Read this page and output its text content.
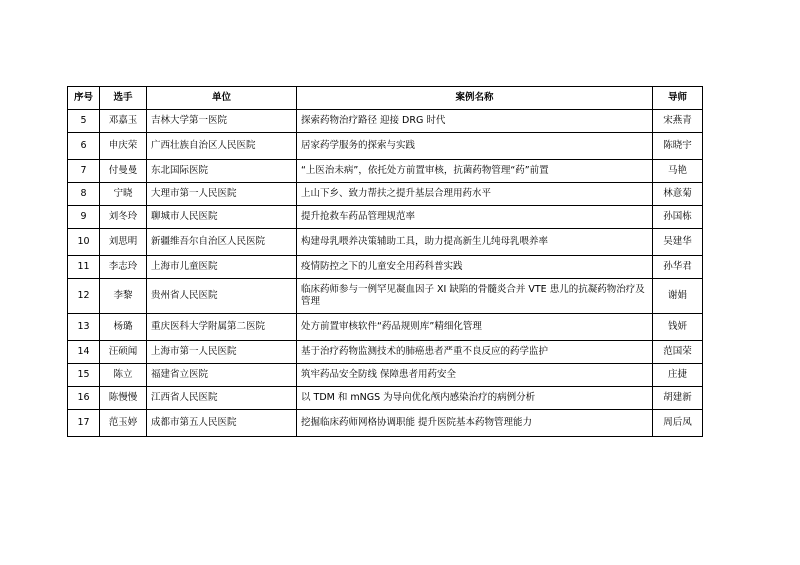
序号	选手	单位	案例名称	导师
5	邓嘉玉	吉林大学第一医院	探索药物治疗路径 迎接 DRG 时代	宋燕青
6	申庆荣	广西壮族自治区人民医院	居家药学服务的探索与实践	陈晓宇
7	付曼曼	东北国际医院	“上医治未病”，依托处方前置审核，抗菌药物管理“药”前置	马艳
8	宁晓	大理市第一人民医院	上山下乡、致力帮扶之提升基层合理用药水平	林意菊
9	刘冬玲	聊城市人民医院	提升抢救车药品管理规范率	孙国栋
10	刘思明	新疆维吾尔自治区人民医院	构建母乳喂养决策辅助工具，助力提高新生儿纯母乳喂养率	吴建华
11	李志玲	上海市儿童医院	疫情防控之下的儿童安全用药科普实践	孙华君
12	李黎	贵州省人民医院	临床药师参与一例罕见凝血因子 XI 缺陷的骨髓炎合并 VTE 患儿的抗凝药物治疗及管理	谢娟
13	杨璐	重庆医科大学附属第二医院	处方前置审核软件“药品规则库”精细化管理	钱妍
14	汪硕闻	上海市第一人民医院	基于治疗药物监测技术的肺癌患者严重不良反应的药学监护	范国荣
15	陈立	福建省立医院	筑牢药品安全防线 保障患者用药安全	庄捷
16	陈慢慢	江西省人民医院	以 TDM 和 mNGS 为导向优化颅内感染治疗的病例分析	胡建新
17	范玉婷	成都市第五人民医院	挖掘临床药师网格协调职能 提升医院基本药物管理能力	周后凤
